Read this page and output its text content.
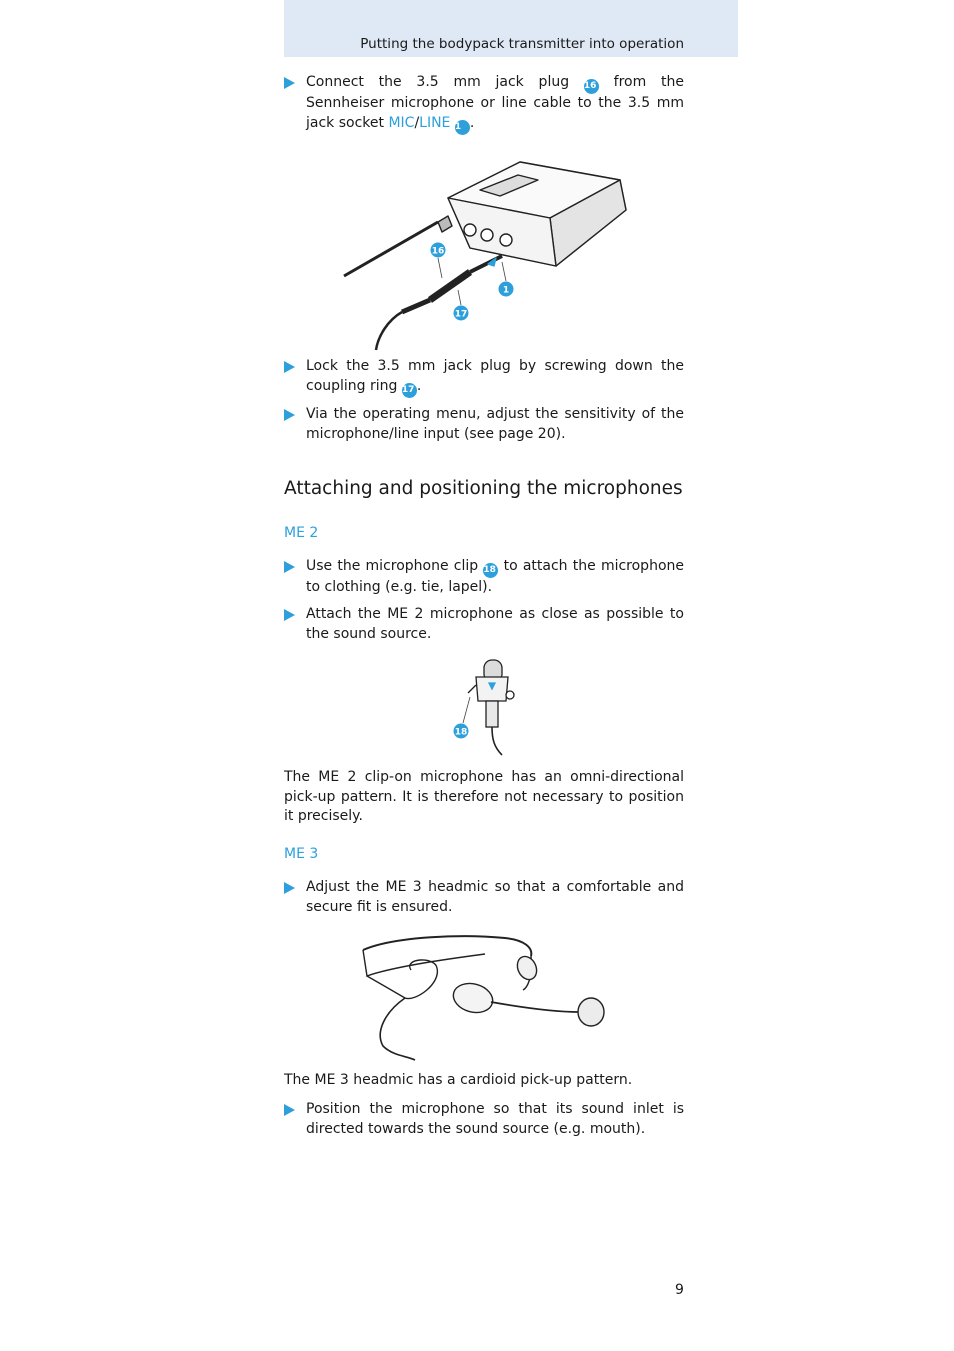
Putting the bodypack transmitter into operation
Connect the 3.5 mm jack plug 16 from the Sennheiser microphone or line cable to the 3.5 mm jack socket MIC/LINE 1 .
16
1
17
Lock the 3.5 mm jack plug by screwing down the coupling ring 17 .
Via the operating menu, adjust the sensitivity of the microphone/line input (see page 20).
Attaching and positioning the microphones
ME 2
Use the microphone clip 18 to attach the microphone to clothing (e.g. tie, lapel).
Attach the ME 2 microphone as close as possible to the sound source.
18
The ME 2 clip-on microphone has an omni-directional pick-up pattern. It is therefore not necessary to position it precisely.
ME 3
Adjust the ME 3 headmic so that a comfortable and secure fit is ensured.
The ME 3 headmic has a cardioid pick-up pattern.
Position the microphone so that its sound inlet is directed towards the sound source (e.g. mouth).
9
